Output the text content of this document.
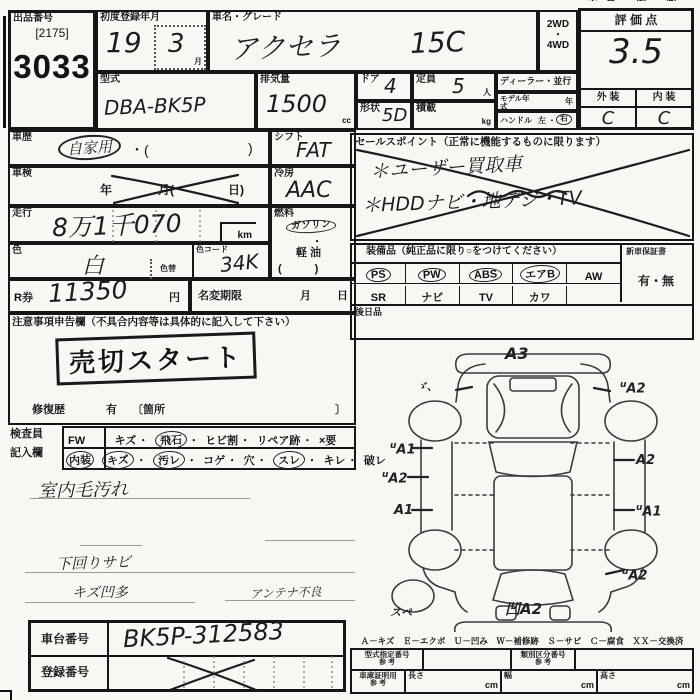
出品番号
[2175]
3033
初度登録年月
19 3
月
車名・グレード
アクセラ 15C
2WD
・
4WD
評 価 点
3.5
外 装	内 装
C	C
型式
DBA-BK5P
排気量
1500
cc
ドア 4
形状 5D
定員 5 人
積載
kg
ディーラー・並行
モデル年式
年
ハンドル 左 ・ 右
車歴	自家用	・(	)
シフト
FAT
車検
年	月(	日)
冷房
AAC
走行 8万1千070	km
燃料
ガソリン
・
軽 油
(　　　)
色
白	色替
色コード
34K
R券 11350	円 名変期限	月 日
注意事項申告欄（不具合内容等は具体的に記入して下さい）
売切スタート
修復歴	有 〔箇所	〕
検査員
記入欄
FW	キズ ・ 飛石 ・ ヒビ割 ・ リペア跡 ・ ×要
内装 キズ ・ 汚レ ・ コゲ ・ 穴 ・ スレ ・ キレ ・ 破レ
室内毛汚れ
下回りサビ
キズ凹多	アンテナ不良
車台番号 BK5P-312583
登録番号
セールスポイント（正常に機能するものに限ります）
＊ユーザー買取車
＊HDDナビ・地デジ・TV
装備品（純正品に限り○をつけてください）	新車保証書
PS	PW	ABS	エアB	AW
SR	ナビ	TV	カワ
有・無
後日品
A3
ゞ、	$^u$A2
$^u$A1
A2
$^u$A2
A1	$^u$A1
$^u$A2
凹A2
スペ
Ａ－キズ　Ｅ－エクボ　Ｕ－凹み　Ｗ－補修跡　Ｓ－サビ　Ｃ－腐食　ＸＸ－交換済
型式指定番号
参 考
類別区分番号
参 考
車庫証明用
参 考
長さ
cm
幅
cm
高さ
cm
